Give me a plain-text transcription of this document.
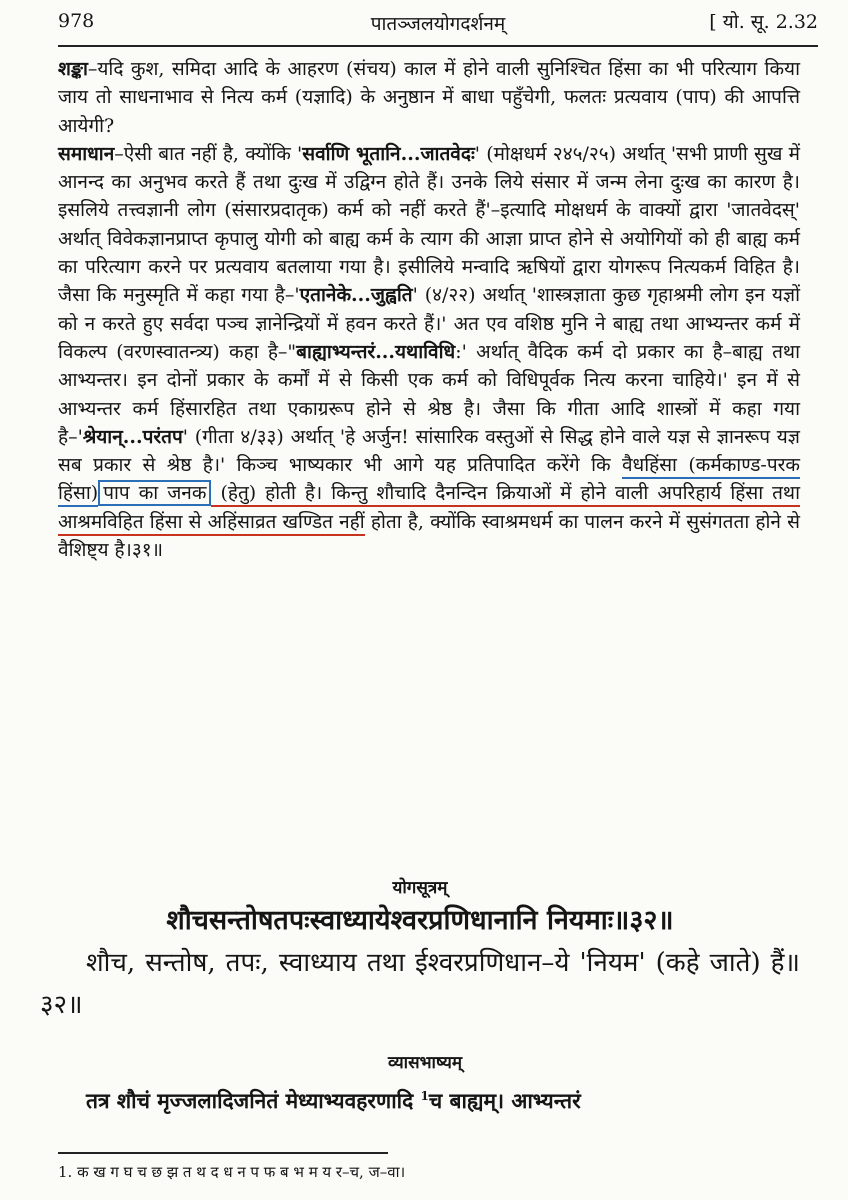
978	पातञ्जलयोगदर्शनम्	[ यो. सू. 2.32

शङ्का–यदि कुश, समिदा आदि के आहरण (संचय) काल में होने वाली सुनिश्चित हिंसा का भी परित्याग किया जाय तो साधनाभाव से नित्य कर्म (यज्ञादि) के अनुष्ठान में बाधा पहुँचेगी, फलतः प्रत्यवाय (पाप) की आपत्ति आयेगी?

समाधान–ऐसी बात नहीं है, क्योंकि 'सर्वाणि भूतानि...जातवेदः' (मोक्षधर्म २४५/२५) अर्थात् 'सभी प्राणी सुख में आनन्द का अनुभव करते हैं तथा दुःख में उद्विग्न होते हैं। उनके लिये संसार में जन्म लेना दुःख का कारण है। इसलिये तत्त्वज्ञानी लोग (संसारप्रदातृक) कर्म को नहीं करते हैं'–इत्यादि मोक्षधर्म के वाक्यों द्वारा 'जातवेदस्' अर्थात् विवेकज्ञानप्राप्त कृपालु योगी को बाह्य कर्म के त्याग की आज्ञा प्राप्त होने से अयोगियों को ही बाह्य कर्म का परित्याग करने पर प्रत्यवाय बतलाया गया है। इसीलिये मन्वादि ऋषियों द्वारा योगरूप नित्यकर्म विहित है। जैसा कि मनुस्मृति में कहा गया है–'एतानेके...जुह्वति' (४/२२) अर्थात् 'शास्त्रज्ञाता कुछ गृहाश्रमी लोग इन यज्ञों को न करते हुए सर्वदा पञ्च ज्ञानेन्द्रियों में हवन करते हैं।' अत एव वशिष्ठ मुनि ने बाह्य तथा आभ्यन्तर कर्म में विकल्प (वरणस्वातन्त्र्य) कहा है–"बाह्याभ्यन्तरं...यथाविधि:' अर्थात् वैदिक कर्म दो प्रकार का है–बाह्य तथा आभ्यन्तर। इन दोनों प्रकार के कर्मों में से किसी एक कर्म को विधिपूर्वक नित्य करना चाहिये।' इन में से आभ्यन्तर कर्म हिंसारहित तथा एकाग्ररूप होने से श्रेष्ठ है। जैसा कि गीता आदि शास्त्रों में कहा गया है–'श्रेयान्...परंतप' (गीता ४/३३) अर्थात् 'हे अर्जुन! सांसारिक वस्तुओं से सिद्ध होने वाले यज्ञ से ज्ञानरूप यज्ञ सब प्रकार से श्रेष्ठ है।' किञ्च भाष्यकार भी आगे यह प्रतिपादित करेंगे कि वैधहिंसा (कर्मकाण्ड-परक हिंसा) पाप का जनक (हेतु) होती है। किन्तु शौचादि दैनन्दिन क्रियाओं में होने वाली अपरिहार्य हिंसा तथा आश्रमविहित हिंसा से अहिंसाव्रत खण्डित नहीं होता है, क्योंकि स्वाश्रमधर्म का पालन करने में सुसंगतता होने से वैशिष्ट्य है।३१॥

योगसूत्रम्

शौचसन्तोषतपःस्वाध्यायेश्वरप्रणिधानानि नियमाः॥३२॥

शौच, सन्तोष, तपः, स्वाध्याय तथा ईश्वरप्रणिधान–ये 'नियम' (कहे जाते) हैं॥३२॥

व्यासभाष्यम्

तत्र शौचं मृज्जलादिजनितं मेध्याभ्यवहरणादि $^1$च बाह्यम्। आभ्यन्तरं

1. क ख ग घ च छ झ त थ द ध न प फ ब भ म य र–च, ज–वा।
